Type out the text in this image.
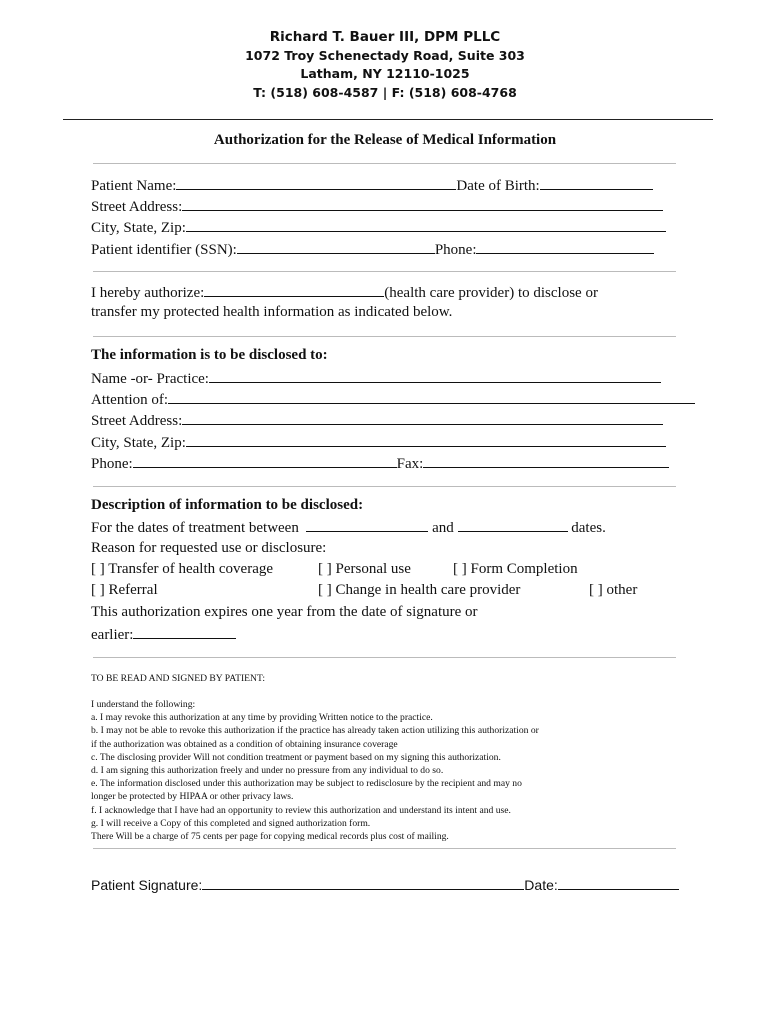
Richard T. Bauer III, DPM PLLC
1072 Troy Schenectady Road, Suite 303
Latham, NY 12110-1025
T: (518) 608-4587 | F: (518) 608-4768
Authorization for the Release of Medical Information
Patient Name:	Date of Birth:
Street Address:
City, State, Zip:
Patient identifier (SSN):	Phone:
I hereby authorize:	(health care provider) to disclose or
transfer my protected health information as indicated below.
The information is to be disclosed to:
Name -or- Practice:
Attention of:
Street Address:
City, State, Zip:
Phone:	Fax:
Description of information to be disclosed:
For the dates of treatment between	and	dates.
Reason for requested use or disclosure:
[ ] Transfer of health coverage	[ ] Personal use	[ ] Form Completion
[ ] Referral	[ ] Change in health care provider	[ ] other
This authorization expires one year from the date of signature or
earlier:
TO BE READ AND SIGNED BY PATIENT:
I understand the following:
a. I may revoke this authorization at any time by providing Written notice to the practice.
b. I may not be able to revoke this authorization if the practice has already taken action utilizing this authorization or
if the authorization was obtained as a condition of obtaining insurance coverage
c. The disclosing provider Will not condition treatment or payment based on my signing this authorization.
d. I am signing this authorization freely and under no pressure from any individual to do so.
e. The information disclosed under this authorization may be subject to redisclosure by the recipient and may no
longer be protected by HIPAA or other privacy laws.
f. I acknowledge that I have had an opportunity to review this authorization and understand its intent and use.
g. I will receive a Copy of this completed and signed authorization form.
There Will be a charge of 75 cents per page for copying medical records plus cost of mailing.
Patient Signature:	Date:
